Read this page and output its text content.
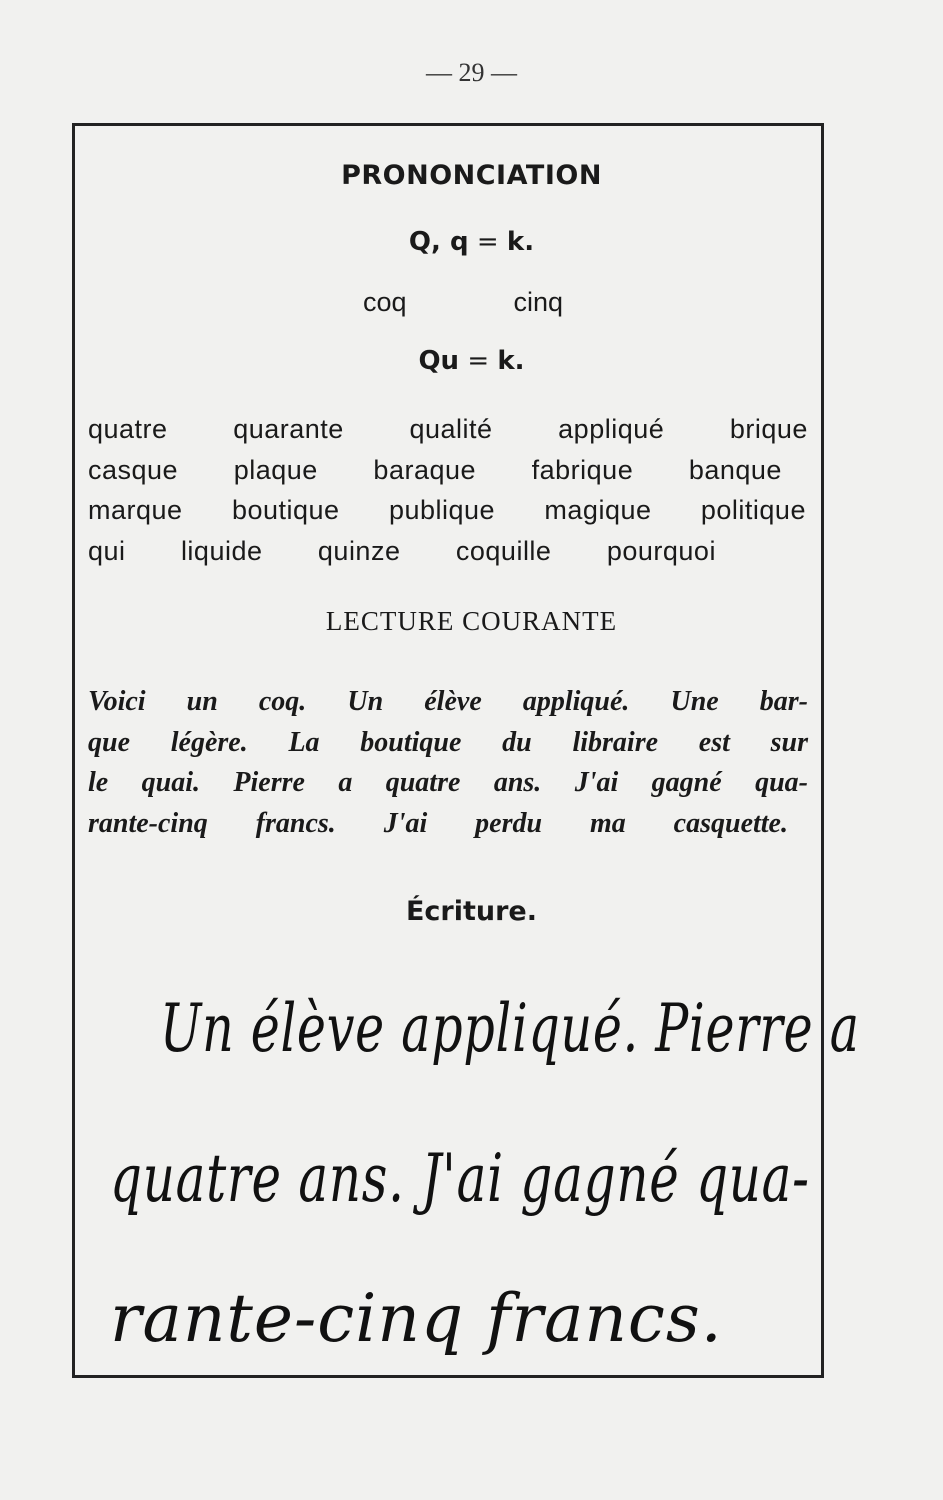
— 29 —
PRONONCIATION
Q, q = k.
coq	cinq
Qu = k.
quatre quarante qualité appliqué brique
casque plaque baraque fabrique banque
marque boutique publique magique politique
qui liquide quinze coquille pourquoi
LECTURE COURANTE
Voici un coq. Un élève appliqué. Une bar-
que légère. La boutique du libraire est sur
le quai. Pierre a quatre ans. J'ai gagné qua-
rante-cinq francs. J'ai perdu ma casquette.
Écriture.
Un élève appliqué. Pierre a
quatre ans. J'ai gagné qua-
rante-cinq francs.
